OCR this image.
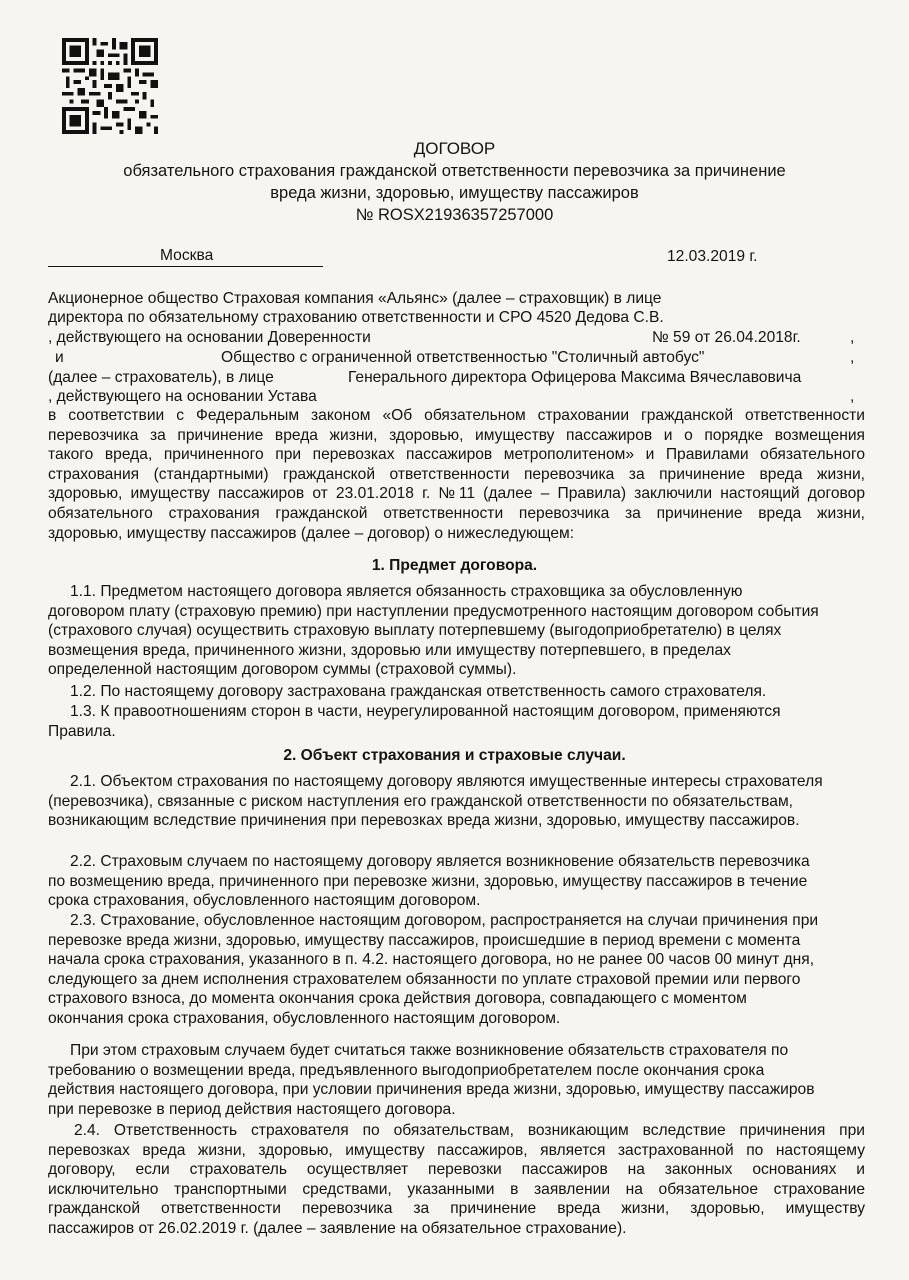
ДОГОВОР
обязательного страхования гражданской ответственности перевозчика за причинение
вреда жизни, здоровью, имуществу пассажиров
№ ROSX21936357257000
Москва	12.03.2019 г.
Акционерное общество Страховая компания «Альянс» (далее – страховщик) в лице
директора по обязательному страхованию ответственности и СРО 4520 Дедова С.В.
, действующего на основании Доверенности	№ 59 от 26.04.2018г.	,
и	Общество с ограниченной ответственностью "Столичный автобус"	,
(далее – страхователь), в лице	Генерального директора Офицерова Максима Вячеславовича
, действующего на основании Устава	,
в соответствии с Федеральным законом «Об обязательном страховании гражданской ответственности
перевозчика за причинение вреда жизни, здоровью, имуществу пассажиров и о порядке возмещения
такого вреда, причиненного при перевозках пассажиров метрополитеном» и Правилами обязательного
страхования (стандартными) гражданской ответственности перевозчика за причинение вреда жизни,
здоровью, имуществу пассажиров от 23.01.2018 г. №11 (далее – Правила) заключили настоящий договор
обязательного страхования гражданской ответственности перевозчика за причинение вреда жизни,
здоровью, имуществу пассажиров (далее – договор) о нижеследующем:
1. Предмет договора.
1.1. Предметом настоящего договора является обязанность страховщика за обусловленную
договором плату (страховую премию) при наступлении предусмотренного настоящим договором события
(страхового случая) осуществить страховую выплату потерпевшему (выгодоприобретателю) в целях
возмещения вреда, причиненного жизни, здоровью или имуществу потерпевшего, в пределах
определенной настоящим договором суммы (страховой суммы).
1.2. По настоящему договору застрахована гражданская ответственность самого страхователя.
1.3. К правоотношениям сторон в части, неурегулированной настоящим договором, применяются
Правила.
2. Объект страхования и страховые случаи.
2.1. Объектом страхования по настоящему договору являются имущественные интересы страхователя
(перевозчика), связанные с риском наступления его гражданской ответственности по обязательствам,
возникающим вследствие причинения при перевозках вреда жизни, здоровью, имуществу пассажиров.
2.2. Страховым случаем по настоящему договору является возникновение обязательств перевозчика
по возмещению вреда, причиненного при перевозке жизни, здоровью, имуществу пассажиров в течение
срока страхования, обусловленного настоящим договором.
2.3. Страхование, обусловленное настоящим договором, распространяется на случаи причинения при
перевозке вреда жизни, здоровью, имуществу пассажиров, происшедшие в период времени с момента
начала срока страхования, указанного в п. 4.2. настоящего договора, но не ранее 00 часов 00 минут дня,
следующего за днем исполнения страхователем обязанности по уплате страховой премии или первого
страхового взноса, до момента окончания срока действия договора, совпадающего с моментом
окончания срока страхования, обусловленного настоящим договором.
При этом страховым случаем будет считаться также возникновение обязательств страхователя по
требованию о возмещении вреда, предъявленного выгодоприобретателем после окончания срока
действия настоящего договора, при условии причинения вреда жизни, здоровью, имуществу пассажиров
при перевозке в период действия настоящего договора.
2.4. Ответственность страхователя по обязательствам, возникающим вследствие причинения при
перевозках вреда жизни, здоровью, имуществу пассажиров, является застрахованной по настоящему
договору, если страхователь осуществляет перевозки пассажиров на законных основаниях и
исключительно транспортными средствами, указанными в заявлении на обязательное страхование
гражданской ответственности перевозчика за причинение вреда жизни, здоровью, имуществу
пассажиров от 26.02.2019 г. (далее – заявление на обязательное страхование).
